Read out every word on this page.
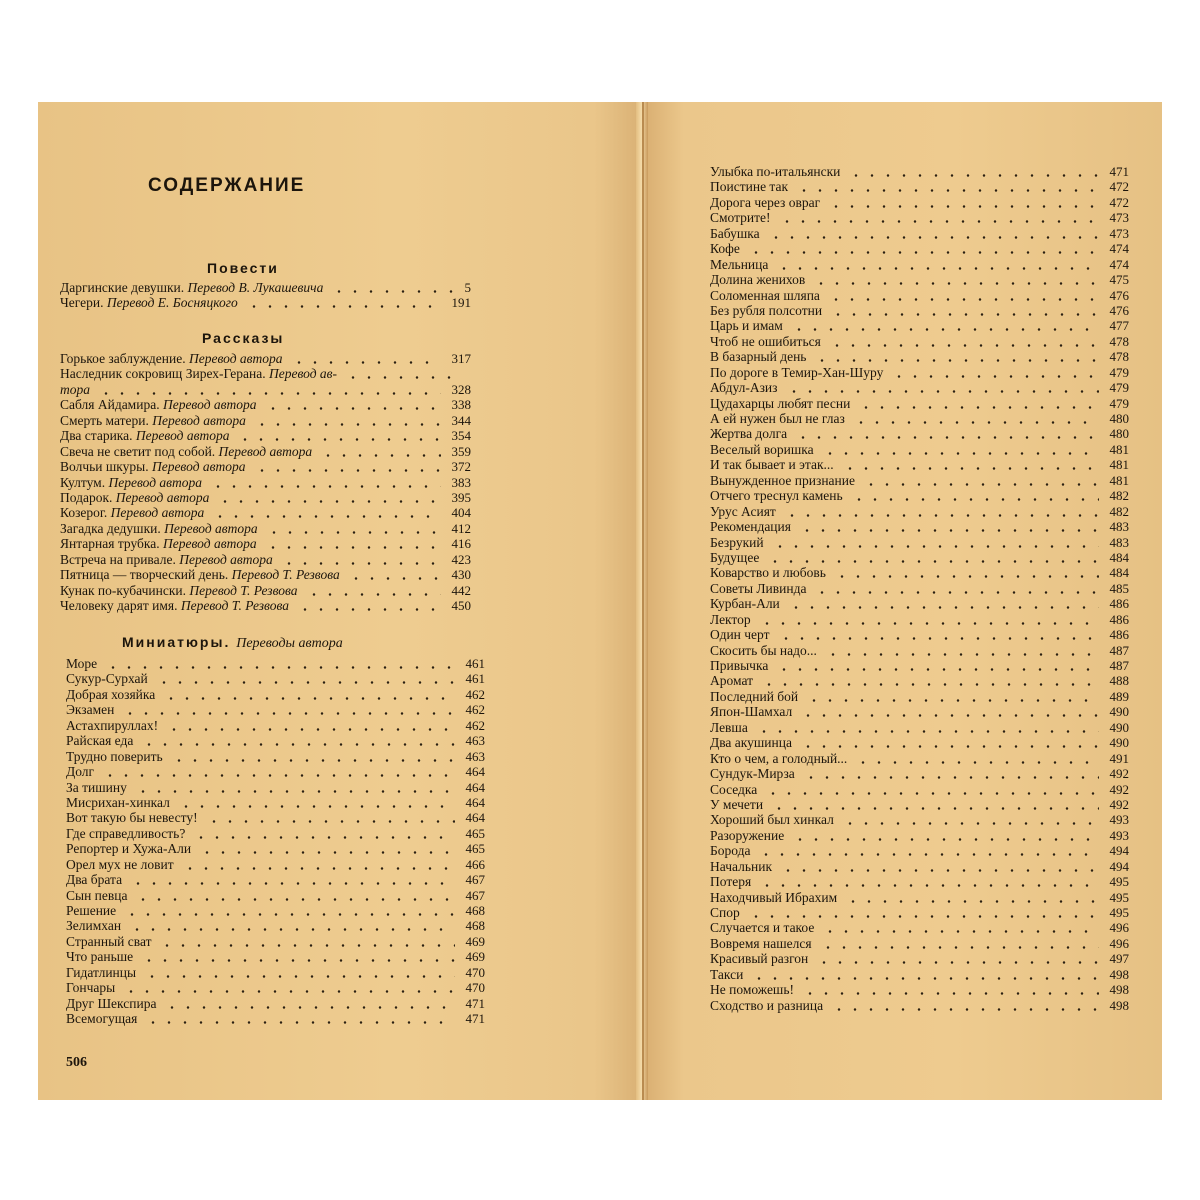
СОДЕРЖАНИЕ
Повести
Даргинские девушки. Перевод В. Лукашевича	5
Чегери. Перевод Е. Босняцкого	191
Рассказы
Горькое заблуждение. Перевод автора	317
Наследник сокровищ Зирех-Герана. Перевод ав-
тора	328
Сабля Айдамира. Перевод автора	338
Смерть матери. Перевод автора	344
Два старика. Перевод автора	354
Свеча не светит под собой. Перевод автора	359
Волчьи шкуры. Перевод автора	372
Култум. Перевод автора	383
Подарок. Перевод автора	395
Козерог. Перевод автора	404
Загадка дедушки. Перевод автора	412
Янтарная трубка. Перевод автора	416
Встреча на привале. Перевод автора	423
Пятница — творческий день. Перевод Т. Резвова	430
Кунак по-кубачински. Перевод Т. Резвова	442
Человеку дарят имя. Перевод Т. Резвова	450
Миниатюры. Переводы автора
Море	461
Сукур-Сурхай	461
Добрая хозяйка	462
Экзамен	462
Астахпируллах!	462
Райская еда	463
Трудно поверить	463
Долг	464
За тишину	464
Мисрихан-хинкал	464
Вот такую бы невесту!	464
Где справедливость?	465
Репортер и Хужа-Али	465
Орел мух не ловит	466
Два брата	467
Сын певца	467
Решение	468
Зелимхан	468
Странный сват	469
Что раньше	469
Гидатлинцы	470
Гончары	470
Друг Шекспира	471
Всемогущая	471
Улыбка по-итальянски	471
Поистине так	472
Дорога через овраг	472
Смотрите!	473
Бабушка	473
Кофе	474
Мельница	474
Долина женихов	475
Соломенная шляпа	476
Без рубля полсотни	476
Царь и имам	477
Чтоб не ошибиться	478
В базарный день	478
По дороге в Темир-Хан-Шуру	479
Абдул-Азиз	479
Цудахарцы любят песни	479
А ей нужен был не глаз	480
Жертва долга	480
Веселый воришка	481
И так бывает и этак...	481
Вынужденное признание	481
Отчего треснул камень	482
Урус Асият	482
Рекомендация	483
Безрукий	483
Будущее	484
Коварство и любовь	484
Советы Ливинда	485
Курбан-Али	486
Лектор	486
Один черт	486
Скосить бы надо...	487
Привычка	487
Аромат	488
Последний бой	489
Япон-Шамхал	490
Левша	490
Два акушинца	490
Кто о чем, а голодный...	491
Сундук-Мирза	492
Соседка	492
У мечети	492
Хороший был хинкал	493
Разоружение	493
Борода	494
Начальник	494
Потеря	495
Находчивый Ибрахим	495
Спор	495
Случается и такое	496
Вовремя нашелся	496
Красивый разгон	497
Такси	498
Не поможешь!	498
Сходство и разница	498
506
